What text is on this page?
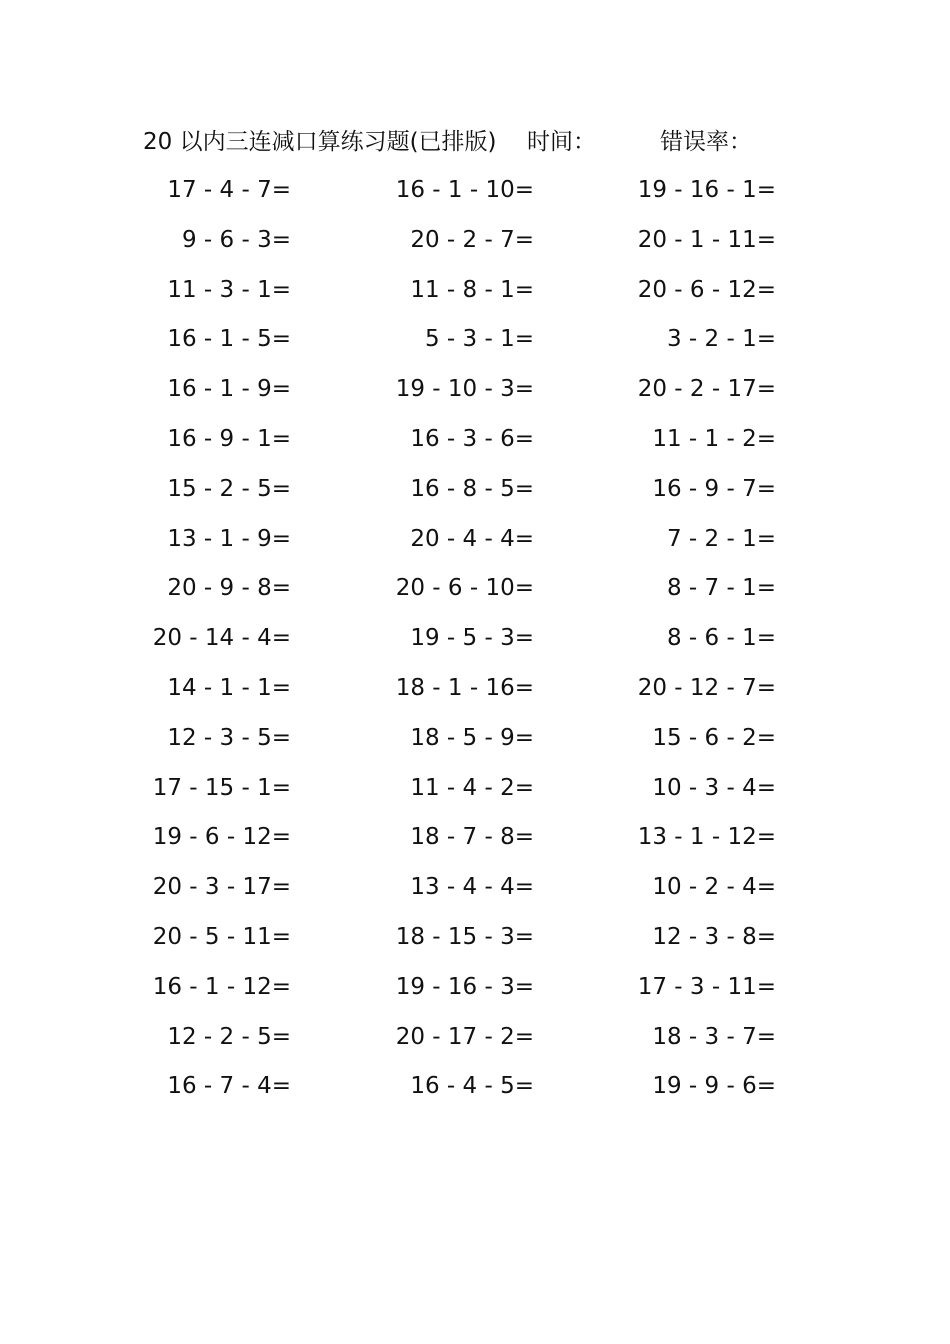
20 以内三连减口算练习题(已排版) 时间：	错误率：
17 - 4 - 7=	16 - 1 - 10=	19 - 16 - 1=
9 - 6 - 3=	20 - 2 - 7=	20 - 1 - 11=
11 - 3 - 1=	11 - 8 - 1=	20 - 6 - 12=
16 - 1 - 5=	5 - 3 - 1=	3 - 2 - 1=
16 - 1 - 9=	19 - 10 - 3=	20 - 2 - 17=
16 - 9 - 1=	16 - 3 - 6=	11 - 1 - 2=
15 - 2 - 5=	16 - 8 - 5=	16 - 9 - 7=
13 - 1 - 9=	20 - 4 - 4=	7 - 2 - 1=
20 - 9 - 8=	20 - 6 - 10=	8 - 7 - 1=
20 - 14 - 4=	19 - 5 - 3=	8 - 6 - 1=
14 - 1 - 1=	18 - 1 - 16=	20 - 12 - 7=
12 - 3 - 5=	18 - 5 - 9=	15 - 6 - 2=
17 - 15 - 1=	11 - 4 - 2=	10 - 3 - 4=
19 - 6 - 12=	18 - 7 - 8=	13 - 1 - 12=
20 - 3 - 17=	13 - 4 - 4=	10 - 2 - 4=
20 - 5 - 11=	18 - 15 - 3=	12 - 3 - 8=
16 - 1 - 12=	19 - 16 - 3=	17 - 3 - 11=
12 - 2 - 5=	20 - 17 - 2=	18 - 3 - 7=
16 - 7 - 4=	16 - 4 - 5=	19 - 9 - 6=
